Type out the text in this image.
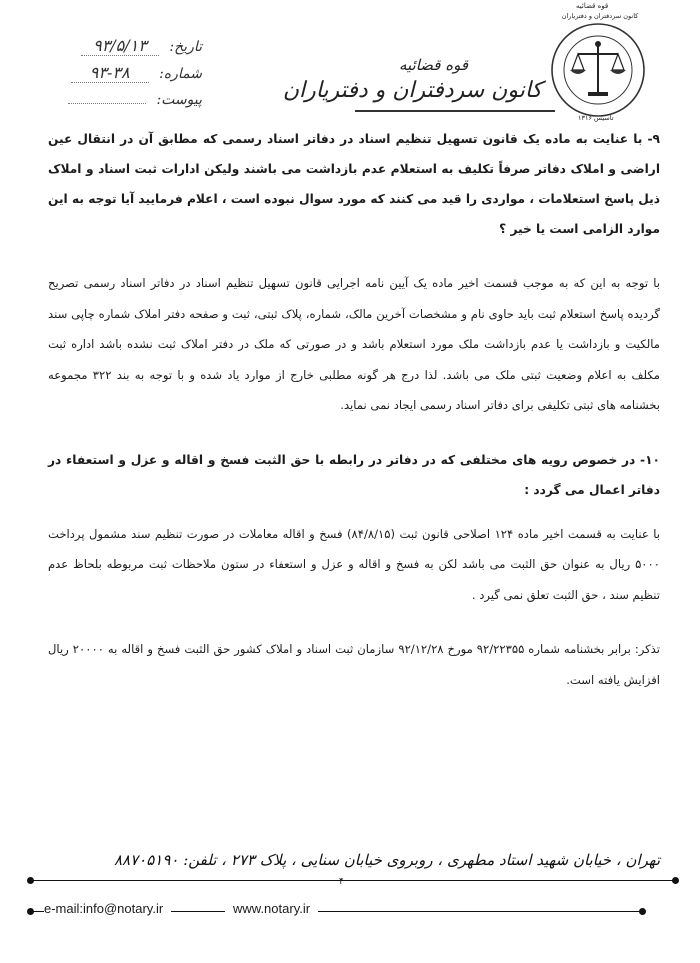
قوه قضائیه
کانون سردفتران و دفتریاران
تاسیس ۱۳۱۶
قوه قضائیه
کانون سردفتران و دفتریاران
تاریخ: ۹۳/۵/۱۳
شماره: ۹۳-۳۸
پیوست:

۹- با عنایت به ماده یک قانون تسهیل تنظیم اسناد در دفاتر اسناد رسمی که مطابق آن در انتقال عین اراضی و املاک دفاتر صرفاً تکلیف به استعلام عدم بازداشت می باشند ولیکن ادارات ثبت اسناد و املاک ذیل پاسخ استعلامات ، مواردی را قید می کنند که مورد سوال نبوده است ، اعلام فرمایید آیا توجه به این موارد الزامی است یا خیر ؟

با توجه به این که به موجب قسمت اخیر ماده یک آیین نامه اجرایی قانون تسهیل تنظیم اسناد در دفاتر اسناد رسمی تصریح گردیده پاسخ استعلام ثبت باید حاوی نام و مشخصات آخرین مالک، شماره، پلاک ثبتی، ثبت و صفحه دفتر املاک شماره چاپی سند مالکیت و بازداشت یا عدم بازداشت ملک مورد استعلام باشد و در صورتی که ملک در دفتر املاک ثبت نشده باشد اداره ثبت مکلف به اعلام وضعیت ثبتی ملک می باشد. لذا درج هر گونه مطلبی خارج از موارد یاد شده و با توجه به بند ۳۲۲ مجموعه بخشنامه های ثبتی تکلیفی برای دفاتر اسناد رسمی ایجاد نمی نماید.

۱۰- در خصوص رویه های مختلفی که در دفاتر در رابطه با حق الثبت فسخ و اقاله و عزل و استعفاء در دفاتر اعمال می گردد :

با عنایت به قسمت اخیر ماده ۱۲۴ اصلاحی قانون ثبت (۸۴/۸/۱۵) فسخ و اقاله معاملات در صورت تنظیم سند مشمول پرداخت ۵۰۰۰ ریال به عنوان حق الثبت می باشد لکن به فسخ و اقاله و عزل و استعفاء در ستون ملاحظات ثبت مربوطه بلحاظ عدم تنظیم سند ، حق الثبت تعلق نمی گیرد .

تذکر: برابر بخشنامه شماره ۹۲/۲۲۳۵۵ مورخ ۹۲/۱۲/۲۸ سازمان ثبت اسناد و املاک کشور حق الثبت فسخ و اقاله به ۲۰۰۰۰ ریال افزایش یافته است.

تهران ، خیابان شهید استاد مطهری ، روبروی خیابان سنایی ، پلاک ۲۷۳ ، تلفن: ۸۸۷۰۵۱۹۰
۴
e-mail:info@notary.ir	www.notary.ir
